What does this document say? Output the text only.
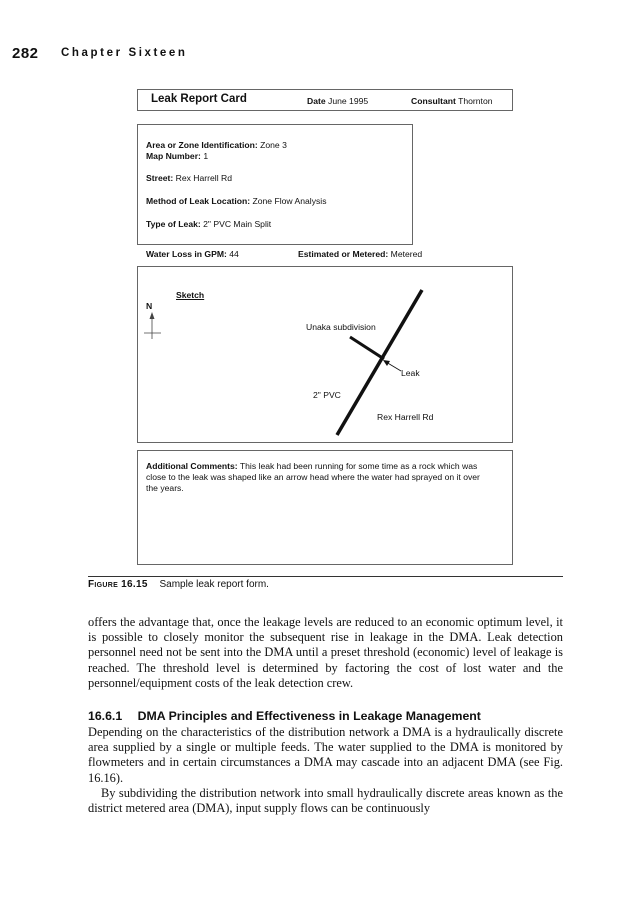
282 Chapter Sixteen
Leak Report Card	Date June 1995	Consultant Thornton
Area or Zone Identification: Zone 3
Map Number: 1
Street: Rex Harrell Rd
Method of Leak Location: Zone Flow Analysis
Type of Leak: 2" PVC Main Split
Water Loss in GPM: 44	Estimated or Metered: Metered
Sketch
N
Unaka subdivision
Leak
2" PVC
Rex Harrell Rd
Additional Comments: This leak had been running for some time as a rock which was
close to the leak was shaped like an arrow head where the water had sprayed on it over
the years.
Figure 16.15 Sample leak report form.

offers the advantage that, once the leakage levels are reduced to an economic optimum level, it is possible to closely monitor the subsequent rise in leakage in the DMA. Leak detection personnel need not be sent into the DMA until a preset threshold (economic) level of leakage is reached. The threshold level is determined by factoring the cost of lost water and the personnel/equipment costs of the leak detection crew.

16.6.1 DMA Principles and Effectiveness in Leakage Management

Depending on the characteristics of the distribution network a DMA is a hydraulically discrete area supplied by a single or multiple feeds. The water supplied to the DMA is monitored by flowmeters and in certain circumstances a DMA may cascade into an adjacent DMA (see Fig. 16.16).

By subdividing the distribution network into small hydraulically discrete areas known as the district metered area (DMA), input supply flows can be continuously
